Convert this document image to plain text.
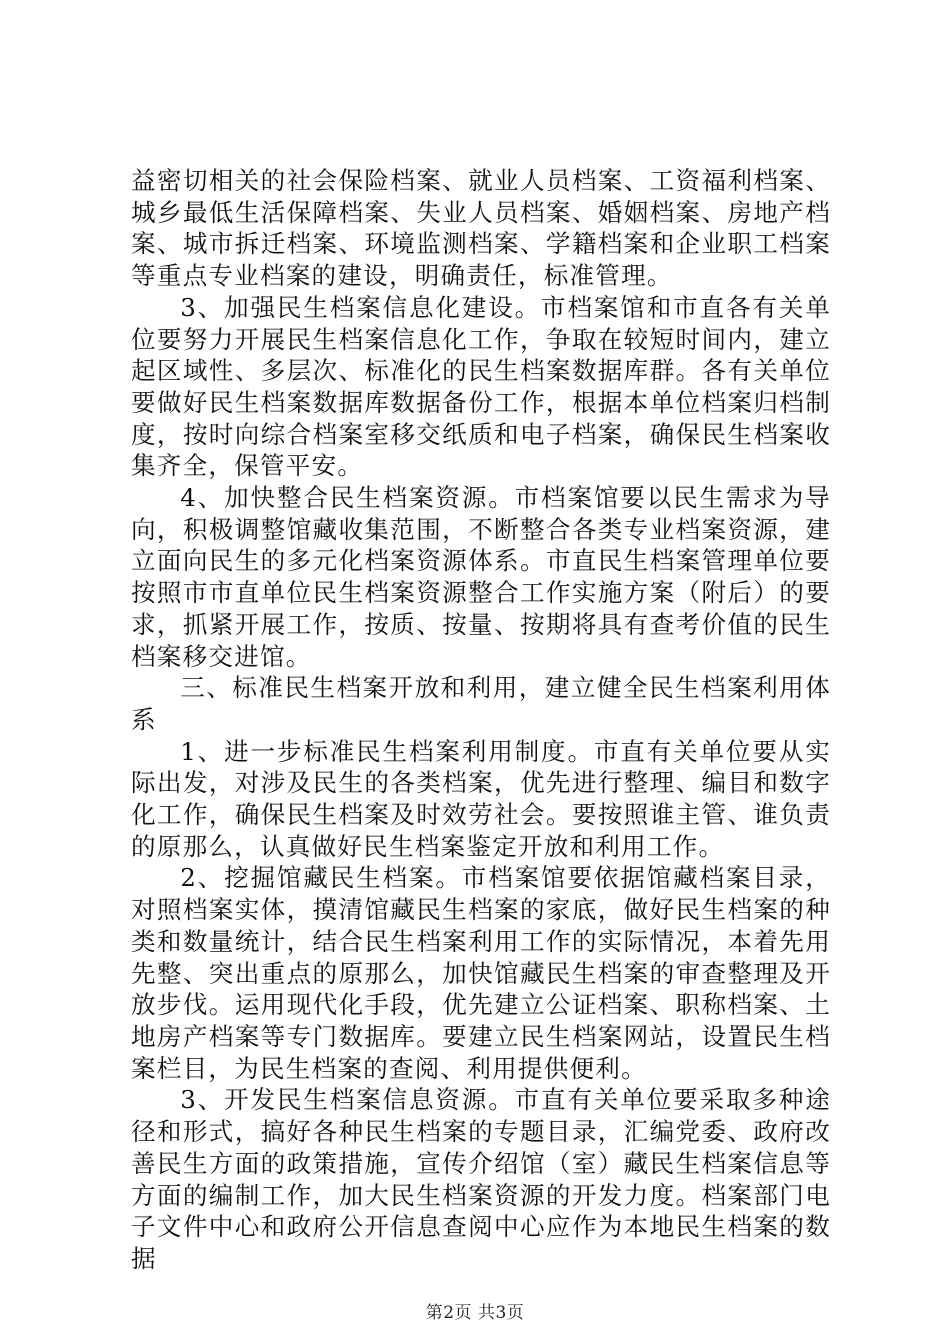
益密切相关的社会保险档案、就业人员档案、工资福利档案、城乡最低生活保障档案、失业人员档案、婚姻档案、房地产档案、城市拆迁档案、环境监测档案、学籍档案和企业职工档案等重点专业档案的建设，明确责任，标准管理。

3、加强民生档案信息化建设。市档案馆和市直各有关单位要努力开展民生档案信息化工作，争取在较短时间内，建立起区域性、多层次、标准化的民生档案数据库群。各有关单位要做好民生档案数据库数据备份工作，根据本单位档案归档制度，按时向综合档案室移交纸质和电子档案，确保民生档案收集齐全，保管平安。

4、加快整合民生档案资源。市档案馆要以民生需求为导向，积极调整馆藏收集范围，不断整合各类专业档案资源，建立面向民生的多元化档案资源体系。市直民生档案管理单位要按照市市直单位民生档案资源整合工作实施方案（附后）的要求，抓紧开展工作，按质、按量、按期将具有查考价值的民生档案移交进馆。

三、标准民生档案开放和利用，建立健全民生档案利用体系

1、进一步标准民生档案利用制度。市直有关单位要从实际出发，对涉及民生的各类档案，优先进行整理、编目和数字化工作，确保民生档案及时效劳社会。要按照谁主管、谁负责的原那么，认真做好民生档案鉴定开放和利用工作。

2、挖掘馆藏民生档案。市档案馆要依据馆藏档案目录，对照档案实体，摸清馆藏民生档案的家底，做好民生档案的种类和数量统计，结合民生档案利用工作的实际情况，本着先用先整、突出重点的原那么，加快馆藏民生档案的审查整理及开放步伐。运用现代化手段，优先建立公证档案、职称档案、土地房产档案等专门数据库。要建立民生档案网站，设置民生档案栏目，为民生档案的查阅、利用提供便利。

3、开发民生档案信息资源。市直有关单位要采取多种途径和形式，搞好各种民生档案的专题目录，汇编党委、政府改善民生方面的政策措施，宣传介绍馆（室）藏民生档案信息等方面的编制工作，加大民生档案资源的开发力度。档案部门电子文件中心和政府公开信息查阅中心应作为本地民生档案的数据

第2页 共3页
